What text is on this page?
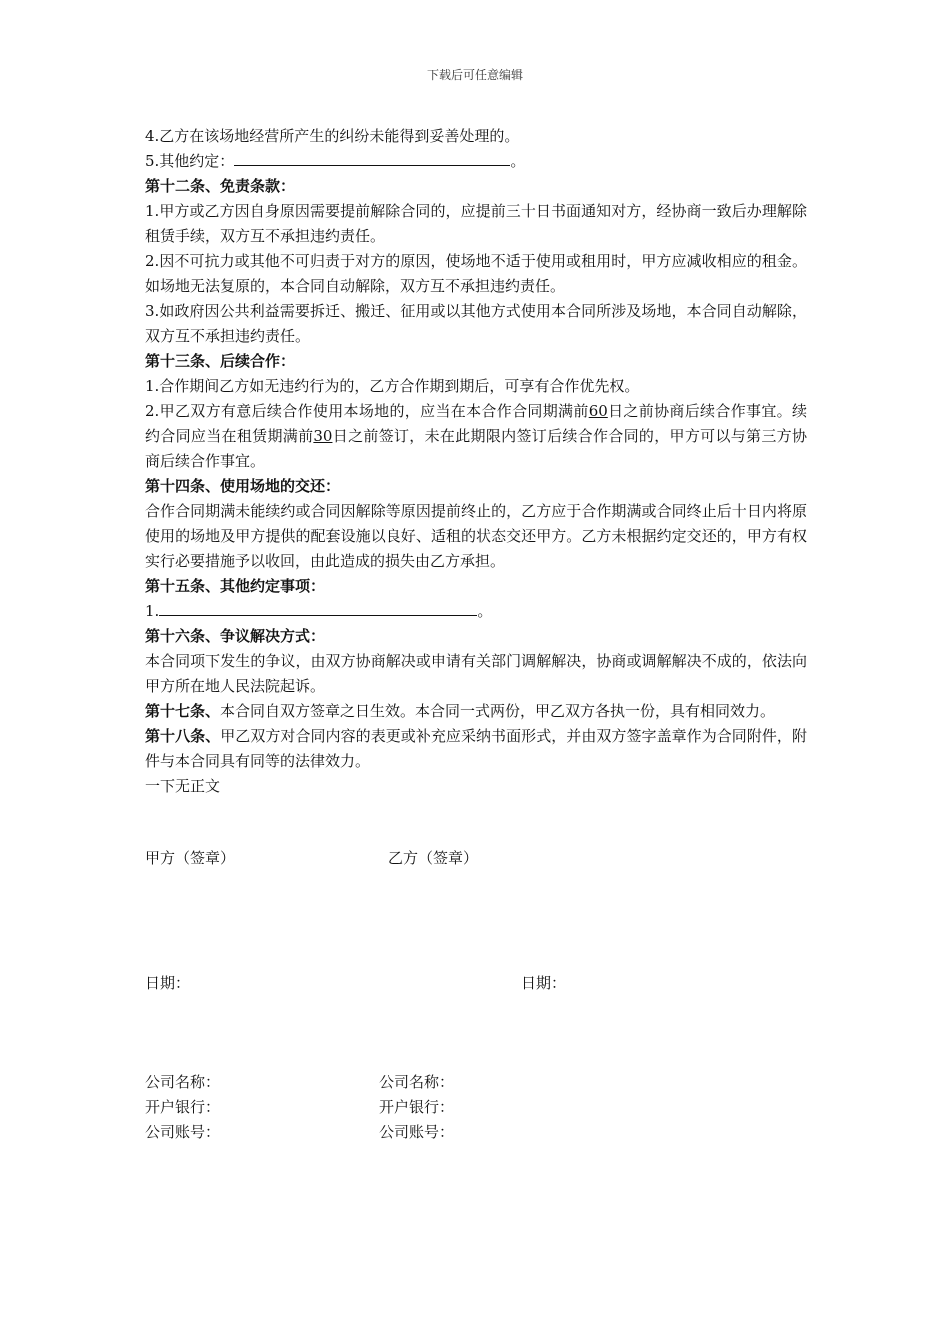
下载后可任意编辑

4.乙方在该场地经营所产生的纠纷未能得到妥善处理的。

5.其他约定：	。

第十二条、免责条款：

1.甲方或乙方因自身原因需要提前解除合同的，应提前三十日书面通知对方，经协商一致后办理解除租赁手续，双方互不承担违约责任。

2.因不可抗力或其他不可归责于对方的原因，使场地不适于使用或租用时，甲方应减收相应的租金。如场地无法复原的，本合同自动解除，双方互不承担违约责任。

3.如政府因公共利益需要拆迁、搬迁、征用或以其他方式使用本合同所涉及场地，本合同自动解除，双方互不承担违约责任。

第十三条、后续合作：

1.合作期间乙方如无违约行为的，乙方合作期到期后，可享有合作优先权。

2.甲乙双方有意后续合作使用本场地的，应当在本合作合同期满前60日之前协商后续合作事宜。续约合同应当在租赁期满前30日之前签订，未在此期限内签订后续合作合同的，甲方可以与第三方协商后续合作事宜。

第十四条、使用场地的交还：

合作合同期满未能续约或合同因解除等原因提前终止的，乙方应于合作期满或合同终止后十日内将原使用的场地及甲方提供的配套设施以良好、适租的状态交还甲方。乙方未根据约定交还的，甲方有权实行必要措施予以收回，由此造成的损失由乙方承担。

第十五条、其他约定事项：

1.	。

第十六条、争议解决方式：

本合同项下发生的争议，由双方协商解决或申请有关部门调解解决，协商或调解解决不成的，依法向甲方所在地人民法院起诉。

第十七条、本合同自双方签章之日生效。本合同一式两份，甲乙双方各执一份，具有相同效力。

第十八条、甲乙双方对合同内容的表更或补充应采纳书面形式，并由双方签字盖章作为合同附件，附件与本合同具有同等的法律效力。

一下无正文

甲方（签章）	乙方（签章）
日期：	日期：
公司名称：	公司名称：
开户银行：	开户银行：
公司账号：	公司账号：
